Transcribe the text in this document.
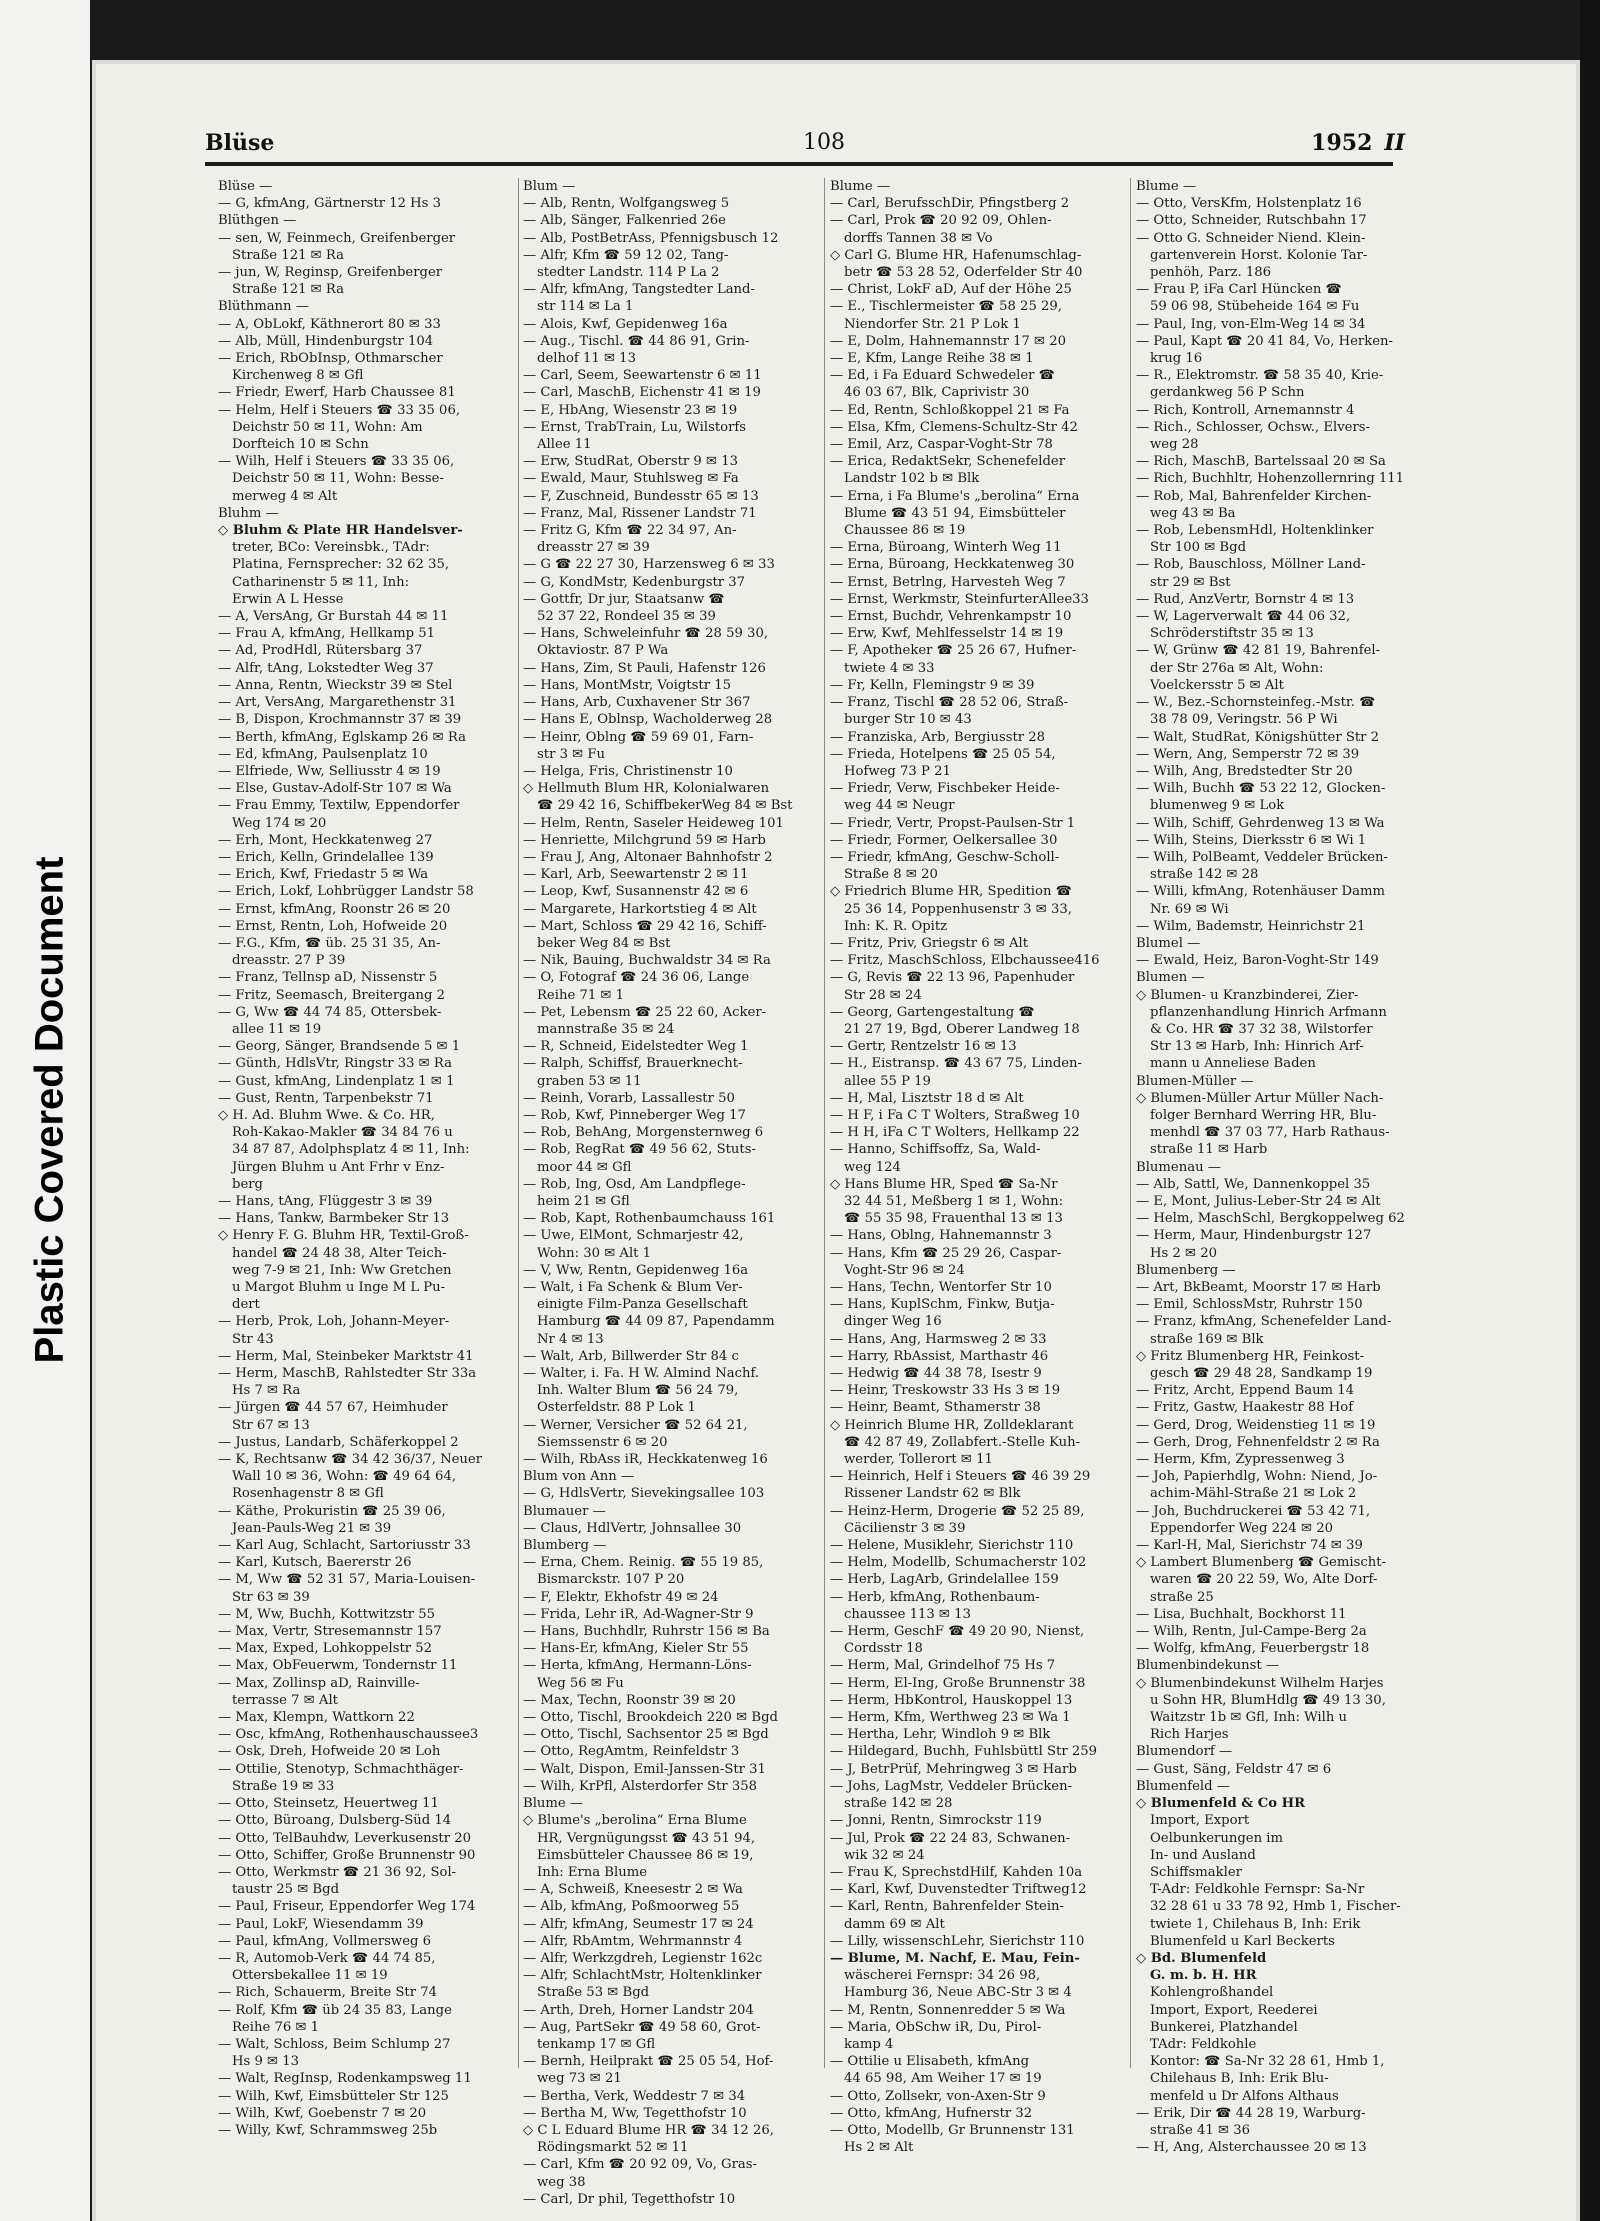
Plastic Covered Document
Blüse	108	1952 II
Blüse —
— G, kfmAng, Gärtnerstr 12 Hs 3
Blüthgen —
— sen, W, Feinmech, Greifenberger
Straße 121 ✉ Ra
— jun, W, Reginsp, Greifenberger
Straße 121 ✉ Ra
Blüthmann —
— A, ObLokf, Käthnerort 80 ✉ 33
— Alb, Müll, Hindenburgstr 104
— Erich, RbObInsp, Othmarscher
Kirchenweg 8 ✉ Gfl
— Friedr, Ewerf, Harb Chaussee 81
— Helm, Helf i Steuers ☎ 33 35 06,
Deichstr 50 ✉ 11, Wohn: Am
Dorfteich 10 ✉ Schn
— Wilh, Helf i Steuers ☎ 33 35 06,
Deichstr 50 ✉ 11, Wohn: Besse-
merweg 4 ✉ Alt
Bluhm —
◇ Bluhm & Plate HR Handelsver-
treter, BCo: Vereinsbk., TAdr:
Platina, Fernsprecher: 32 62 35,
Catharinenstr 5 ✉ 11, Inh:
Erwin A L Hesse
— A, VersAng, Gr Burstah 44 ✉ 11
— Frau A, kfmAng, Hellkamp 51
— Ad, ProdHdl, Rütersbarg 37
— Alfr, tAng, Lokstedter Weg 37
— Anna, Rentn, Wieckstr 39 ✉ Stel
— Art, VersAng, Margarethenstr 31
— B, Dispon, Krochmannstr 37 ✉ 39
— Berth, kfmAng, Eglskamp 26 ✉ Ra
— Ed, kfmAng, Paulsenplatz 10
— Elfriede, Ww, Selliusstr 4 ✉ 19
— Else, Gustav-Adolf-Str 107 ✉ Wa
— Frau Emmy, Textilw, Eppendorfer
Weg 174 ✉ 20
— Erh, Mont, Heckkatenweg 27
— Erich, Kelln, Grindelallee 139
— Erich, Kwf, Friedastr 5 ✉ Wa
— Erich, Lokf, Lohbrügger Landstr 58
— Ernst, kfmAng, Roonstr 26 ✉ 20
— Ernst, Rentn, Loh, Hofweide 20
— F.G., Kfm, ☎ üb. 25 31 35, An-
dreasstr. 27 P 39
— Franz, Tellnsp aD, Nissenstr 5
— Fritz, Seemasch, Breitergang 2
— G, Ww ☎ 44 74 85, Ottersbek-
allee 11 ✉ 19
— Georg, Sänger, Brandsende 5 ✉ 1
— Günth, HdlsVtr, Ringstr 33 ✉ Ra
— Gust, kfmAng, Lindenplatz 1 ✉ 1
— Gust, Rentn, Tarpenbekstr 71
◇ H. Ad. Bluhm Wwe. & Co. HR,
Roh-Kakao-Makler ☎ 34 84 76 u
34 87 87, Adolphsplatz 4 ✉ 11, Inh:
Jürgen Bluhm u Ant Frhr v Enz-
berg
— Hans, tAng, Flüggestr 3 ✉ 39
— Hans, Tankw, Barmbeker Str 13
◇ Henry F. G. Bluhm HR, Textil-Groß-
handel ☎ 24 48 38, Alter Teich-
weg 7-9 ✉ 21, Inh: Ww Gretchen
u Margot Bluhm u Inge M L Pu-
dert
— Herb, Prok, Loh, Johann-Meyer-
Str 43
— Herm, Mal, Steinbeker Marktstr 41
— Herm, MaschB, Rahlstedter Str 33a
Hs 7 ✉ Ra
— Jürgen ☎ 44 57 67, Heimhuder
Str 67 ✉ 13
— Justus, Landarb, Schäferkoppel 2
— K, Rechtsanw ☎ 34 42 36/37, Neuer
Wall 10 ✉ 36, Wohn: ☎ 49 64 64,
Rosenhagenstr 8 ✉ Gfl
— Käthe, Prokuristin ☎ 25 39 06,
Jean-Pauls-Weg 21 ✉ 39
— Karl Aug, Schlacht, Sartoriusstr 33
— Karl, Kutsch, Baererstr 26
— M, Ww ☎ 52 31 57, Maria-Louisen-
Str 63 ✉ 39
— M, Ww, Buchh, Kottwitzstr 55
— Max, Vertr, Stresemannstr 157
— Max, Exped, Lohkoppelstr 52
— Max, ObFeuerwm, Tondernstr 11
— Max, Zollinsp aD, Rainville-
terrasse 7 ✉ Alt
— Max, Klempn, Wattkorn 22
— Osc, kfmAng, Rothenhauschaussee3
— Osk, Dreh, Hofweide 20 ✉ Loh
— Ottilie, Stenotyp, Schmachthäger-
Straße 19 ✉ 33
— Otto, Steinsetz, Heuertweg 11
— Otto, Büroang, Dulsberg-Süd 14
— Otto, TelBauhdw, Leverkusenstr 20
— Otto, Schiffer, Große Brunnenstr 90
— Otto, Werkmstr ☎ 21 36 92, Sol-
taustr 25 ✉ Bgd
— Paul, Friseur, Eppendorfer Weg 174
— Paul, LokF, Wiesendamm 39
— Paul, kfmAng, Vollmersweg 6
— R, Automob-Verk ☎ 44 74 85,
Ottersbekallee 11 ✉ 19
— Rich, Schauerm, Breite Str 74
— Rolf, Kfm ☎ üb 24 35 83, Lange
Reihe 76 ✉ 1
— Walt, Schloss, Beim Schlump 27
Hs 9 ✉ 13
— Walt, RegInsp, Rodenkampsweg 11
— Wilh, Kwf, Eimsbütteler Str 125
— Wilh, Kwf, Goebenstr 7 ✉ 20
— Willy, Kwf, Schrammsweg 25b
Blum —
— Alb, Rentn, Wolfgangsweg 5
— Alb, Sänger, Falkenried 26e
— Alb, PostBetrAss, Pfennigsbusch 12
— Alfr, Kfm ☎ 59 12 02, Tang-
stedter Landstr. 114 P La 2
— Alfr, kfmAng, Tangstedter Land-
str 114 ✉ La 1
— Alois, Kwf, Gepidenweg 16a
— Aug., Tischl. ☎ 44 86 91, Grin-
delhof 11 ✉ 13
— Carl, Seem, Seewartenstr 6 ✉ 11
— Carl, MaschB, Eichenstr 41 ✉ 19
— E, HbAng, Wiesenstr 23 ✉ 19
— Ernst, TrabTrain, Lu, Wilstorfs
Allee 11
— Erw, StudRat, Oberstr 9 ✉ 13
— Ewald, Maur, Stuhlsweg ✉ Fa
— F, Zuschneid, Bundesstr 65 ✉ 13
— Franz, Mal, Rissener Landstr 71
— Fritz G, Kfm ☎ 22 34 97, An-
dreasstr 27 ✉ 39
— G ☎ 22 27 30, Harzensweg 6 ✉ 33
— G, KondMstr, Kedenburgstr 37
— Gottfr, Dr jur, Staatsanw ☎
52 37 22, Rondeel 35 ✉ 39
— Hans, Schweleinfuhr ☎ 28 59 30,
Oktaviostr. 87 P Wa
— Hans, Zim, St Pauli, Hafenstr 126
— Hans, MontMstr, Voigtstr 15
— Hans, Arb, Cuxhavener Str 367
— Hans E, Oblnsp, Wacholderweg 28
— Heinr, Oblng ☎ 59 69 01, Farn-
str 3 ✉ Fu
— Helga, Fris, Christinenstr 10
◇ Hellmuth Blum HR, Kolonialwaren
☎ 29 42 16, SchiffbekerWeg 84 ✉ Bst
— Helm, Rentn, Saseler Heideweg 101
— Henriette, Milchgrund 59 ✉ Harb
— Frau J, Ang, Altonaer Bahnhofstr 2
— Karl, Arb, Seewartenstr 2 ✉ 11
— Leop, Kwf, Susannenstr 42 ✉ 6
— Margarete, Harkortstieg 4 ✉ Alt
— Mart, Schloss ☎ 29 42 16, Schiff-
beker Weg 84 ✉ Bst
— Nik, Bauing, Buchwaldstr 34 ✉ Ra
— O, Fotograf ☎ 24 36 06, Lange
Reihe 71 ✉ 1
— Pet, Lebensm ☎ 25 22 60, Acker-
mannstraße 35 ✉ 24
— R, Schneid, Eidelstedter Weg 1
— Ralph, Schiffsf, Brauerknecht-
graben 53 ✉ 11
— Reinh, Vorarb, Lassallestr 50
— Rob, Kwf, Pinneberger Weg 17
— Rob, BehAng, Morgensternweg 6
— Rob, RegRat ☎ 49 56 62, Stuts-
moor 44 ✉ Gfl
— Rob, Ing, Osd, Am Landpflege-
heim 21 ✉ Gfl
— Rob, Kapt, Rothenbaumchauss 161
— Uwe, ElMont, Schmarjestr 42,
Wohn: 30 ✉ Alt 1
— V, Ww, Rentn, Gepidenweg 16a
— Walt, i Fa Schenk & Blum Ver-
einigte Film-Panza Gesellschaft
Hamburg ☎ 44 09 87, Papendamm
Nr 4 ✉ 13
— Walt, Arb, Billwerder Str 84 c
— Walter, i. Fa. H W. Almind Nachf.
Inh. Walter Blum ☎ 56 24 79,
Osterfeldstr. 88 P Lok 1
— Werner, Versicher ☎ 52 64 21,
Siemssenstr 6 ✉ 20
— Wilh, RbAss iR, Heckkatenweg 16
Blum von Ann —
— G, HdlsVertr, Sievekingsallee 103
Blumauer —
— Claus, HdlVertr, Johnsallee 30
Blumberg —
— Erna, Chem. Reinig. ☎ 55 19 85,
Bismarckstr. 107 P 20
— F, Elektr, Ekhofstr 49 ✉ 24
— Frida, Lehr iR, Ad-Wagner-Str 9
— Hans, Buchhdlr, Ruhrstr 156 ✉ Ba
— Hans-Er, kfmAng, Kieler Str 55
— Herta, kfmAng, Hermann-Löns-
Weg 56 ✉ Fu
— Max, Techn, Roonstr 39 ✉ 20
— Otto, Tischl, Brookdeich 220 ✉ Bgd
— Otto, Tischl, Sachsentor 25 ✉ Bgd
— Otto, RegAmtm, Reinfeldstr 3
— Walt, Dispon, Emil-Janssen-Str 31
— Wilh, KrPfl, Alsterdorfer Str 358
Blume —
◇ Blume's „berolina“ Erna Blume
HR, Vergnügungsst ☎ 43 51 94,
Eimsbütteler Chaussee 86 ✉ 19,
Inh: Erna Blume
— A, Schweiß, Kneesestr 2 ✉ Wa
— Alb, kfmAng, Poßmoorweg 55
— Alfr, kfmAng, Seumestr 17 ✉ 24
— Alfr, RbAmtm, Wehrmannstr 4
— Alfr, Werkzgdreh, Legienstr 162c
— Alfr, SchlachtMstr, Holtenklinker
Straße 53 ✉ Bgd
— Arth, Dreh, Horner Landstr 204
— Aug, PartSekr ☎ 49 58 60, Grot-
tenkamp 17 ✉ Gfl
— Bernh, Heilprakt ☎ 25 05 54, Hof-
weg 73 ✉ 21
— Bertha, Verk, Weddestr 7 ✉ 34
— Bertha M, Ww, Tegetthofstr 10
◇ C L Eduard Blume HR ☎ 34 12 26,
Rödingsmarkt 52 ✉ 11
— Carl, Kfm ☎ 20 92 09, Vo, Gras-
weg 38
— Carl, Dr phil, Tegetthofstr 10
Blume —
— Carl, BerufsschDir, Pfingstberg 2
— Carl, Prok ☎ 20 92 09, Ohlen-
dorffs Tannen 38 ✉ Vo
◇ Carl G. Blume HR, Hafenumschlag-
betr ☎ 53 28 52, Oderfelder Str 40
— Christ, LokF aD, Auf der Höhe 25
— E., Tischlermeister ☎ 58 25 29,
Niendorfer Str. 21 P Lok 1
— E, Dolm, Hahnemannstr 17 ✉ 20
— E, Kfm, Lange Reihe 38 ✉ 1
— Ed, i Fa Eduard Schwedeler ☎
46 03 67, Blk, Caprivistr 30
— Ed, Rentn, Schloßkoppel 21 ✉ Fa
— Elsa, Kfm, Clemens-Schultz-Str 42
— Emil, Arz, Caspar-Voght-Str 78
— Erica, RedaktSekr, Schenefelder
Landstr 102 b ✉ Blk
— Erna, i Fa Blume's „berolina“ Erna
Blume ☎ 43 51 94, Eimsbütteler
Chaussee 86 ✉ 19
— Erna, Büroang, Winterh Weg 11
— Erna, Büroang, Heckkatenweg 30
— Ernst, Betrlng, Harvesteh Weg 7
— Ernst, Werkmstr, SteinfurterAllee33
— Ernst, Buchdr, Vehrenkampstr 10
— Erw, Kwf, Mehlfesselstr 14 ✉ 19
— F, Apotheker ☎ 25 26 67, Hufner-
twiete 4 ✉ 33
— Fr, Kelln, Flemingstr 9 ✉ 39
— Franz, Tischl ☎ 28 52 06, Straß-
burger Str 10 ✉ 43
— Franziska, Arb, Bergiusstr 28
— Frieda, Hotelpens ☎ 25 05 54,
Hofweg 73 P 21
— Friedr, Verw, Fischbeker Heide-
weg 44 ✉ Neugr
— Friedr, Vertr, Propst-Paulsen-Str 1
— Friedr, Former, Oelkersallee 30
— Friedr, kfmAng, Geschw-Scholl-
Straße 8 ✉ 20
◇ Friedrich Blume HR, Spedition ☎
25 36 14, Poppenhusenstr 3 ✉ 33,
Inh: K. R. Opitz
— Fritz, Priv, Griegstr 6 ✉ Alt
— Fritz, MaschSchloss, Elbchaussee416
— G, Revis ☎ 22 13 96, Papenhuder
Str 28 ✉ 24
— Georg, Gartengestaltung ☎
21 27 19, Bgd, Oberer Landweg 18
— Gertr, Rentzelstr 16 ✉ 13
— H., Eistransp. ☎ 43 67 75, Linden-
allee 55 P 19
— H, Mal, Lisztstr 18 d ✉ Alt
— H F, i Fa C T Wolters, Straßweg 10
— H H, iFa C T Wolters, Hellkamp 22
— Hanno, Schiffsoffz, Sa, Wald-
weg 124
◇ Hans Blume HR, Sped ☎ Sa-Nr
32 44 51, Meßberg 1 ✉ 1, Wohn:
☎ 55 35 98, Frauenthal 13 ✉ 13
— Hans, Oblng, Hahnemannstr 3
— Hans, Kfm ☎ 25 29 26, Caspar-
Voght-Str 96 ✉ 24
— Hans, Techn, Wentorfer Str 10
— Hans, KuplSchm, Finkw, Butja-
dinger Weg 16
— Hans, Ang, Harmsweg 2 ✉ 33
— Harry, RbAssist, Marthastr 46
— Hedwig ☎ 44 38 78, Isestr 9
— Heinr, Treskowstr 33 Hs 3 ✉ 19
— Heinr, Beamt, Sthamerstr 38
◇ Heinrich Blume HR, Zolldeklarant
☎ 42 87 49, Zollabfert.-Stelle Kuh-
werder, Tollerort ✉ 11
— Heinrich, Helf i Steuers ☎ 46 39 29
Rissener Landstr 62 ✉ Blk
— Heinz-Herm, Drogerie ☎ 52 25 89,
Cäcilienstr 3 ✉ 39
— Helene, Musiklehr, Sierichstr 110
— Helm, Modellb, Schumacherstr 102
— Herb, LagArb, Grindelallee 159
— Herb, kfmAng, Rothenbaum-
chaussee 113 ✉ 13
— Herm, GeschF ☎ 49 20 90, Nienst,
Cordsstr 18
— Herm, Mal, Grindelhof 75 Hs 7
— Herm, El-Ing, Große Brunnenstr 38
— Herm, HbKontrol, Hauskoppel 13
— Herm, Kfm, Werthweg 23 ✉ Wa 1
— Hertha, Lehr, Windloh 9 ✉ Blk
— Hildegard, Buchh, Fuhlsbüttl Str 259
— J, BetrPrüf, Mehringweg 3 ✉ Harb
— Johs, LagMstr, Veddeler Brücken-
straße 142 ✉ 28
— Jonni, Rentn, Simrockstr 119
— Jul, Prok ☎ 22 24 83, Schwanen-
wik 32 ✉ 24
— Frau K, SprechstdHilf, Kahden 10a
— Karl, Kwf, Duvenstedter Triftweg12
— Karl, Rentn, Bahrenfelder Stein-
damm 69 ✉ Alt
— Lilly, wissenschLehr, Sierichstr 110
— Blume, M. Nachf, E. Mau, Fein-
wäscherei Fernspr: 34 26 98,
Hamburg 36, Neue ABC-Str 3 ✉ 4
— M, Rentn, Sonnenredder 5 ✉ Wa
— Maria, ObSchw iR, Du, Pirol-
kamp 4
— Ottilie u Elisabeth, kfmAng
44 65 98, Am Weiher 17 ✉ 19
— Otto, Zollsekr, von-Axen-Str 9
— Otto, kfmAng, Hufnerstr 32
— Otto, Modellb, Gr Brunnenstr 131
Hs 2 ✉ Alt
Blume —
— Otto, VersKfm, Holstenplatz 16
— Otto, Schneider, Rutschbahn 17
— Otto G. Schneider Niend. Klein-
gartenverein Horst. Kolonie Tar-
penhöh, Parz. 186
— Frau P, iFa Carl Hüncken ☎
59 06 98, Stübeheide 164 ✉ Fu
— Paul, Ing, von-Elm-Weg 14 ✉ 34
— Paul, Kapt ☎ 20 41 84, Vo, Herken-
krug 16
— R., Elektromstr. ☎ 58 35 40, Krie-
gerdankweg 56 P Schn
— Rich, Kontroll, Arnemannstr 4
— Rich., Schlosser, Ochsw., Elvers-
weg 28
— Rich, MaschB, Bartelssaal 20 ✉ Sa
— Rich, Buchhltr, Hohenzollernring 111
— Rob, Mal, Bahrenfelder Kirchen-
weg 43 ✉ Ba
— Rob, LebensmHdl, Holtenklinker
Str 100 ✉ Bgd
— Rob, Bauschloss, Möllner Land-
str 29 ✉ Bst
— Rud, AnzVertr, Bornstr 4 ✉ 13
— W, Lagerverwalt ☎ 44 06 32,
Schröderstiftstr 35 ✉ 13
— W, Grünw ☎ 42 81 19, Bahrenfel-
der Str 276a ✉ Alt, Wohn:
Voelckersstr 5 ✉ Alt
— W., Bez.-Schornsteinfeg.-Mstr. ☎
38 78 09, Veringstr. 56 P Wi
— Walt, StudRat, Königshütter Str 2
— Wern, Ang, Semperstr 72 ✉ 39
— Wilh, Ang, Bredstedter Str 20
— Wilh, Buchh ☎ 53 22 12, Glocken-
blumenweg 9 ✉ Lok
— Wilh, Schiff, Gehrdenweg 13 ✉ Wa
— Wilh, Steins, Dierksstr 6 ✉ Wi 1
— Wilh, PolBeamt, Veddeler Brücken-
straße 142 ✉ 28
— Willi, kfmAng, Rotenhäuser Damm
Nr. 69 ✉ Wi
— Wilm, Bademstr, Heinrichstr 21
Blumel —
— Ewald, Heiz, Baron-Voght-Str 149
Blumen —
◇ Blumen- u Kranzbinderei, Zier-
pflanzenhandlung Hinrich Arfmann
& Co. HR ☎ 37 32 38, Wilstorfer
Str 13 ✉ Harb, Inh: Hinrich Arf-
mann u Anneliese Baden
Blumen-Müller —
◇ Blumen-Müller Artur Müller Nach-
folger Bernhard Werring HR, Blu-
menhdl ☎ 37 03 77, Harb Rathaus-
straße 11 ✉ Harb
Blumenau —
— Alb, Sattl, We, Dannenkoppel 35
— E, Mont, Julius-Leber-Str 24 ✉ Alt
— Helm, MaschSchl, Bergkoppelweg 62
— Herm, Maur, Hindenburgstr 127
Hs 2 ✉ 20
Blumenberg —
— Art, BkBeamt, Moorstr 17 ✉ Harb
— Emil, SchlossMstr, Ruhrstr 150
— Franz, kfmAng, Schenefelder Land-
straße 169 ✉ Blk
◇ Fritz Blumenberg HR, Feinkost-
gesch ☎ 29 48 28, Sandkamp 19
— Fritz, Archt, Eppend Baum 14
— Fritz, Gastw, Haakestr 88 Hof
— Gerd, Drog, Weidenstieg 11 ✉ 19
— Gerh, Drog, Fehnenfeldstr 2 ✉ Ra
— Herm, Kfm, Zypressenweg 3
— Joh, Papierhdlg, Wohn: Niend, Jo-
achim-Mähl-Straße 21 ✉ Lok 2
— Joh, Buchdruckerei ☎ 53 42 71,
Eppendorfer Weg 224 ✉ 20
— Karl-H, Mal, Sierichstr 74 ✉ 39
◇ Lambert Blumenberg ☎ Gemischt-
waren ☎ 20 22 59, Wo, Alte Dorf-
straße 25
— Lisa, Buchhalt, Bockhorst 11
— Wilh, Rentn, Jul-Campe-Berg 2a
— Wolfg, kfmAng, Feuerbergstr 18
Blumenbindekunst —
◇ Blumenbindekunst Wilhelm Harjes
u Sohn HR, BlumHdlg ☎ 49 13 30,
Waitzstr 1b ✉ Gfl, Inh: Wilh u
Rich Harjes
Blumendorf —
— Gust, Säng, Feldstr 47 ✉ 6
Blumenfeld —
◇ Blumenfeld & Co HR
Import, Export
Oelbunkerungen im
In- und Ausland
Schiffsmakler
T-Adr: Feldkohle Fernspr: Sa-Nr
32 28 61 u 33 78 92, Hmb 1, Fischer-
twiete 1, Chilehaus B, Inh: Erik
Blumenfeld u Karl Beckerts
◇ Bd. Blumenfeld
G. m. b. H. HR
Kohlengroßhandel
Import, Export, Reederei
Bunkerei, Platzhandel
TAdr: Feldkohle
Kontor: ☎ Sa-Nr 32 28 61, Hmb 1,
Chilehaus B, Inh: Erik Blu-
menfeld u Dr Alfons Althaus
— Erik, Dir ☎ 44 28 19, Warburg-
straße 41 ✉ 36
— H, Ang, Alsterchaussee 20 ✉ 13
